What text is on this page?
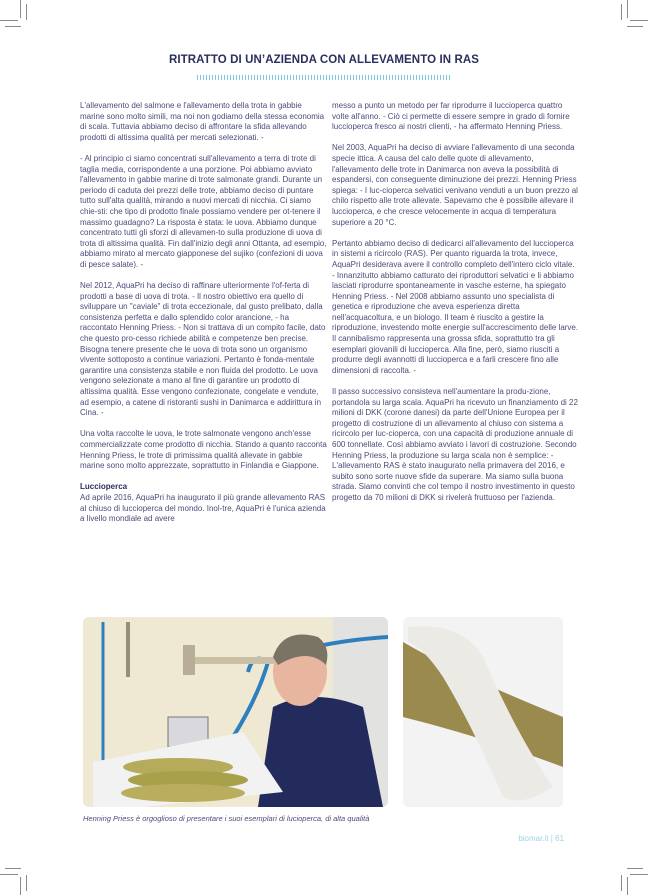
RITRATTO DI UN’AZIENDA CON ALLEVAMENTO IN RAS

L'allevamento del salmone e l'allevamento della trota in gabbie marine sono molto simili, ma noi non godiamo della stessa economia di scala. Tuttavia abbiamo deciso di affrontare la sfida allevando prodotti di altissima qualità per mercati selezionati. -

- Al principio ci siamo concentrati sull'allevamento a terra di trote di taglia media, corrispondente a una porzione. Poi abbiamo avviato l'allevamento in gabbie marine di trote salmonate grandi. Durante un periodo di caduta dei prezzi delle trote, abbiamo deciso di puntare tutto sull'alta qualità, mirando a nuovi mercati di nicchia. Ci siamo chie-sti: che tipo di prodotto finale possiamo vendere per ot-tenere il massimo guadagno? La risposta è stata: le uova. Abbiamo dunque concentrato tutti gli sforzi di allevamen-to sulla produzione di uova di trota di altissima qualità. Fin dall'inizio degli anni Ottanta, ad esempio, abbiamo mirato al mercato giapponese del sujiko (confezioni di uova di pesce salate). -

Nel 2012, AquaPri ha deciso di raffinare ulteriormente l'of-ferta di prodotti a base di uova di trota. - Il nostro obiettivo era quello di sviluppare un "caviale" di trota eccezionale, dal gusto prelibato, dalla consistenza perfetta e dallo splendido color arancione, - ha raccontato Henning Priess. - Non si trattava di un compito facile, dato che questo pro-cesso richiede abilità e competenze ben precise. Bisogna tenere presente che le uova di trota sono un organismo vivente sottoposto a continue variazioni. Pertanto è fonda-mentale garantire una consistenza stabile e non fluida del prodotto. Le uova vengono selezionate a mano al fine di garantire un prodotto di altissima qualità. Esse vengono confezionate, congelate e vendute, ad esempio, a catene di ristoranti sushi in Danimarca e addirittura in Cina. -

Una volta raccolte le uova, le trote salmonate vengono anch'esse commercializzate come prodotto di nicchia. Stando a quanto racconta Henning Priess, le trote di primissima qualità allevate in gabbie marine sono molto apprezzate, soprattutto in Finlandia e Giappone.

Luccioperca

Ad aprile 2016, AquaPri ha inaugurato il più grande allevamento RAS al chiuso di luccioperca del mondo. Inol-tre, AquaPri è l'unica azienda a livello mondiale ad avere

messo a punto un metodo per far riprodurre il luccioperca quattro volte all'anno. - Ciò ci permette di essere sempre in grado di fornire luccioperca fresco ai nostri clienti, - ha affermato Henning Priess.

Nel 2003, AquaPri ha deciso di avviare l'allevamento di una seconda specie ittica. A causa del calo delle quote di allevamento, l'allevamento delle trote in Danimarca non aveva la possibilità di espandersi, con conseguente diminuzione dei prezzi. Henning Priess spiega: - I luc-cioperca selvatici venivano venduti a un buon prezzo al chilo rispetto alle trote allevate. Sapevamo che è possibile allevare il luccioperca, e che cresce velocemente in acqua di temperatura superiore a 20 °C.

Pertanto abbiamo deciso di dedicarci all'allevamento del luccioperca in sistemi a ricircolo (RAS). Per quanto riguarda la trota, invece, AquaPri desiderava avere il controllo completo dell'intero ciclo vitale. - Innanzitutto abbiamo catturato dei riproduttori selvatici e li abbiamo lasciati riprodurre spontaneamente in vasche esterne, ha spiegato Henning Priess. - Nel 2008 abbiamo assunto uno specialista di genetica e riproduzione che aveva esperienza diretta nell'acquacoltura, e un biologo. Il team è riuscito a gestire la riproduzione, investendo molte energie sull'accrescimento delle larve. Il cannibalismo rappresenta una grossa sfida, soprattutto tra gli esemplari giovanili di luccioperca. Alla fine, però, siamo riusciti a produrre degli avannotti di luccioperca e a farli crescere fino alle dimensioni di raccolta. -

Il passo successivo consisteva nell'aumentare la produ-zione, portandola su larga scala. AquaPri ha ricevuto un finanziamento di 22 milioni di DKK (corone danesi) da parte dell'Unione Europea per il progetto di costruzione di un allevamento al chiuso con sistema a ricircolo per luc-cioperca, con una capacità di produzione annuale di 600 tonnellate. Così abbiamo avviato i lavori di costruzione. Secondo Henning Priess, la produzione su larga scala non è semplice: - L'allevamento RAS è stato inaugurato nella primavera del 2016, e subito sono sorte nuove sfide da superare. Ma siamo sulla buona strada. Siamo convinti che col tempo il nostro investimento in questo progetto da 70 milioni di DKK si rivelerà fruttuoso per l'azienda.

Henning Priess è orgoglioso di presentare i suoi esemplari di lucioperca, di alta qualità
biomar.it | 61
